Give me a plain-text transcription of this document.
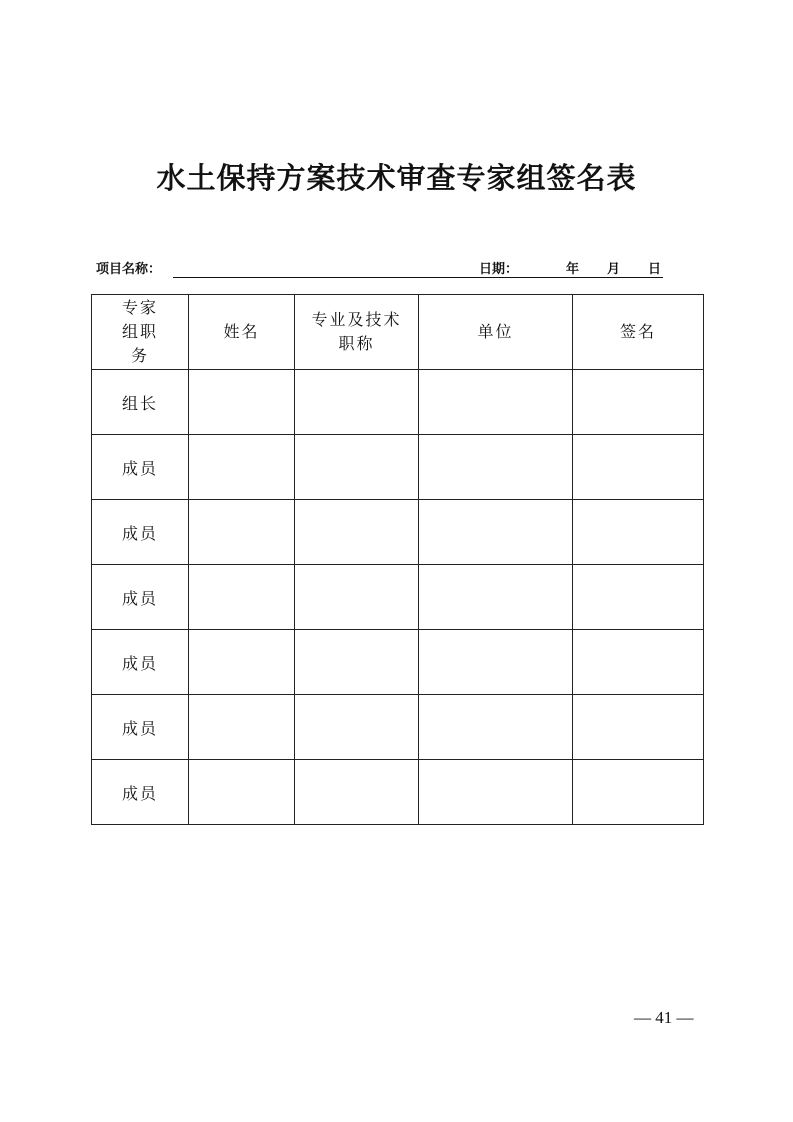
水土保持方案技术审查专家组签名表
项目名称：	日期：	年 月 日
专家组职务	姓名	专业及技术职称	单位	签名
组长				
成员				
成员				
成员				
成员				
成员				
成员				
— 41 —
